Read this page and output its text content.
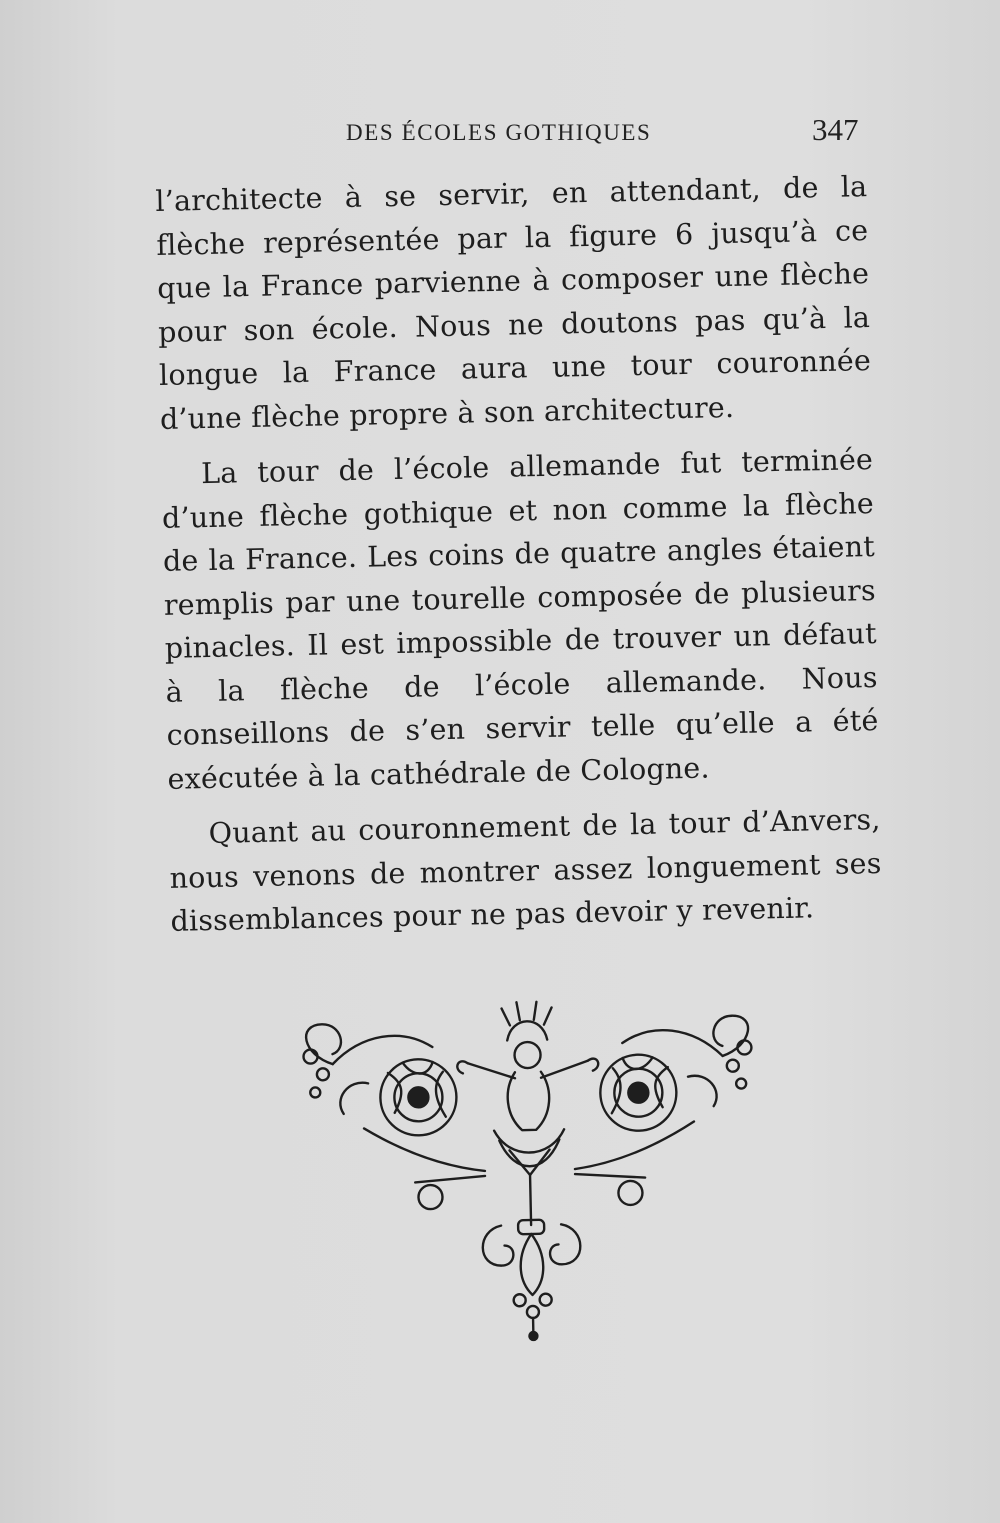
DES ÉCOLES GOTHIQUES	347

l’architecte à se servir, en attendant, de la flèche représentée par la figure 6 jusqu’à ce que la France parvienne à composer une flèche pour son école. Nous ne doutons pas qu’à la longue la France aura une tour couronnée d’une flèche propre à son architecture.

La tour de l’école allemande fut terminée d’une flèche gothique et non comme la flèche de la France. Les coins de quatre angles étaient remplis par une tourelle composée de plusieurs pinacles. Il est impossible de trouver un défaut à la flèche de l’école allemande. Nous conseillons de s’en servir telle qu’elle a été exécutée à la cathédrale de Cologne.

Quant au couronnement de la tour d’Anvers, nous venons de montrer assez longuement ses dissemblances pour ne pas devoir y revenir.
